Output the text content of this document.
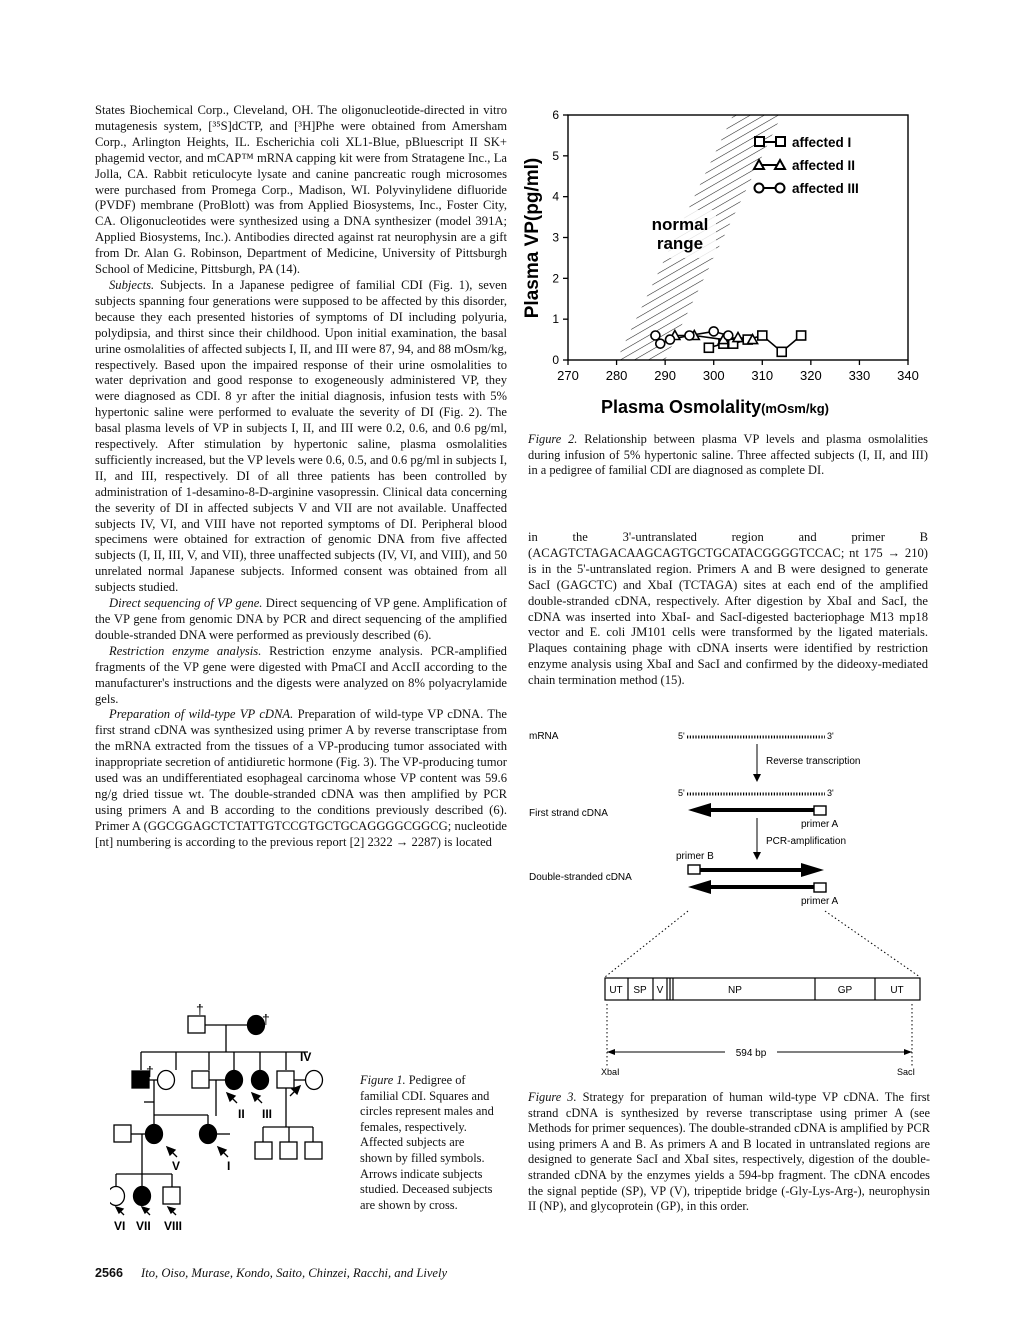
States Biochemical Corp., Cleveland, OH. The oligonucleotide-directed in vitro mutagenesis system, [³⁵S]dCTP, and [³H]Phe were obtained from Amersham Corp., Arlington Heights, IL. Escherichia coli XL1-Blue, pBluescript II SK+ phagemid vector, and mCAP™ mRNA capping kit were from Stratagene Inc., La Jolla, CA. Rabbit reticulocyte lysate and canine pancreatic rough microsomes were purchased from Promega Corp., Madison, WI. Polyvinylidene difluoride (PVDF) membrane (ProBlott) was from Applied Biosystems, Inc., Foster City, CA. Oligonucleotides were synthesized using a DNA synthesizer (model 391A; Applied Biosystems, Inc.). Antibodies directed against rat neurophysin are a gift from Dr. Alan G. Robinson, Department of Medicine, University of Pittsburgh School of Medicine, Pittsburgh, PA (14).

Subjects. Subjects. In a Japanese pedigree of familial CDI (Fig. 1), seven subjects spanning four generations were supposed to be affected by this disorder, because they each presented histories of symptoms of DI including polyuria, polydipsia, and thirst since their childhood. Upon initial examination, the basal urine osmolalities of affected subjects I, II, and III were 87, 94, and 88 mOsm/kg, respectively. Based upon the impaired response of their urine osmolalities to water deprivation and good response to exogeneously administered VP, they were diagnosed as CDI. 8 yr after the initial diagnosis, infusion tests with 5% hypertonic saline were performed to evaluate the severity of DI (Fig. 2). The basal plasma levels of VP in subjects I, II, and III were 0.2, 0.6, and 0.6 pg/ml, respectively. After stimulation by hypertonic saline, plasma osmolalities sufficiently increased, but the VP levels were 0.6, 0.5, and 0.6 pg/ml in subjects I, II, and III, respectively. DI of all three patients has been controlled by administration of 1-desamino-8-D-arginine vasopressin. Clinical data concerning the severity of DI in affected subjects V and VII are not available. Unaffected subjects IV, VI, and VIII have not reported symptoms of DI. Peripheral blood specimens were obtained for extraction of genomic DNA from five affected subjects (I, II, III, V, and VII), three unaffected subjects (IV, VI, and VIII), and 50 unrelated normal Japanese subjects. Informed consent was obtained from all subjects studied.

Direct sequencing of VP gene. Direct sequencing of VP gene. Amplification of the VP gene from genomic DNA by PCR and direct sequencing of the amplified double-stranded DNA were performed as previously described (6).

Restriction enzyme analysis. Restriction enzyme analysis. PCR-amplified fragments of the VP gene were digested with PmaCI and AccII according to the manufacturer's instructions and the digests were analyzed on 8% polyacrylamide gels.

Preparation of wild-type VP cDNA. Preparation of wild-type VP cDNA. The first strand cDNA was synthesized using primer A by reverse transcriptase from the mRNA extracted from the tissues of a VP-producing tumor associated with inappropriate secretion of antidiuretic hormone (Fig. 3). The VP-producing tumor used was an undifferentiated esophageal carcinoma whose VP content was 59.6 ng/g dried tissue wt. The double-stranded cDNA was then amplified by PCR using primers A and B according to the conditions previously described (6). Primer A (GGCGGAGCTCTATTGTCCGTGCTGCAGGGGCGGCG; nucleotide [nt] numbering is according to the previous report [2] 2322 → 2287) is located

normal
range
0
1
2
3
4
5
6
270 280 290 300 310 320 330 340
Plasma VP(pg/ml)
Plasma Osmolality(mOsm/kg)
affected I
affected II
affected III
Figure 2. Relationship between plasma VP levels and plasma osmolalities during infusion of 5% hypertonic saline. Three affected subjects (I, II, and III) in a pedigree of familial CDI are diagnosed as complete DI.

in the 3'-untranslated region and primer B (ACAGTCTAGACAAGCAGTGCTGCATACGGGGTCCAC; nt 175 → 210) is in the 5'-untranslated region. Primers A and B were designed to generate SacI (GAGCTC) and XbaI (TCTAGA) sites at each end of the amplified double-stranded cDNA, respectively. After digestion by XbaI and SacI, the cDNA was inserted into XbaI- and SacI-digested bacteriophage M13 mp18 vector and E. coli JM101 cells were transformed by the ligated materials. Plaques containing phage with cDNA inserts were identified by restriction enzyme analysis using XbaI and SacI and confirmed by the dideoxy-mediated chain termination method (15).

mRNA	5'	3'
Reverse transcription
5'	3'
First strand cDNA
primer A
PCR-amplification
primer B
Double-stranded cDNA
primer A
UT SP V	NP	GP	UT
594 bp
XbaI	SacI
Figure 3. Strategy for preparation of human wild-type VP cDNA. The first strand cDNA is synthesized by reverse transcriptase using primer A (see Methods for primer sequences). The double-stranded cDNA is amplified by PCR using primers A and B. As primers A and B located in untranslated regions are designed to generate SacI and XbaI sites, respectively, digestion of the double-stranded cDNA by the enzymes yields a 594-bp fragment. The cDNA encodes the signal peptide (SP), VP (V), tripeptide bridge (-Gly-Lys-Arg-), neurophysin II (NP), and glycoprotein (GP), in this order.
†
†
†
IV
II III
V	I
VI VII VIII
Figure 1. Pedigree of familial CDI. Squares and circles represent males and females, respectively. Affected subjects are shown by filled symbols. Arrows indicate subjects studied. Deceased subjects are shown by cross.
2566 Ito, Oiso, Murase, Kondo, Saito, Chinzei, Racchi, and Lively
